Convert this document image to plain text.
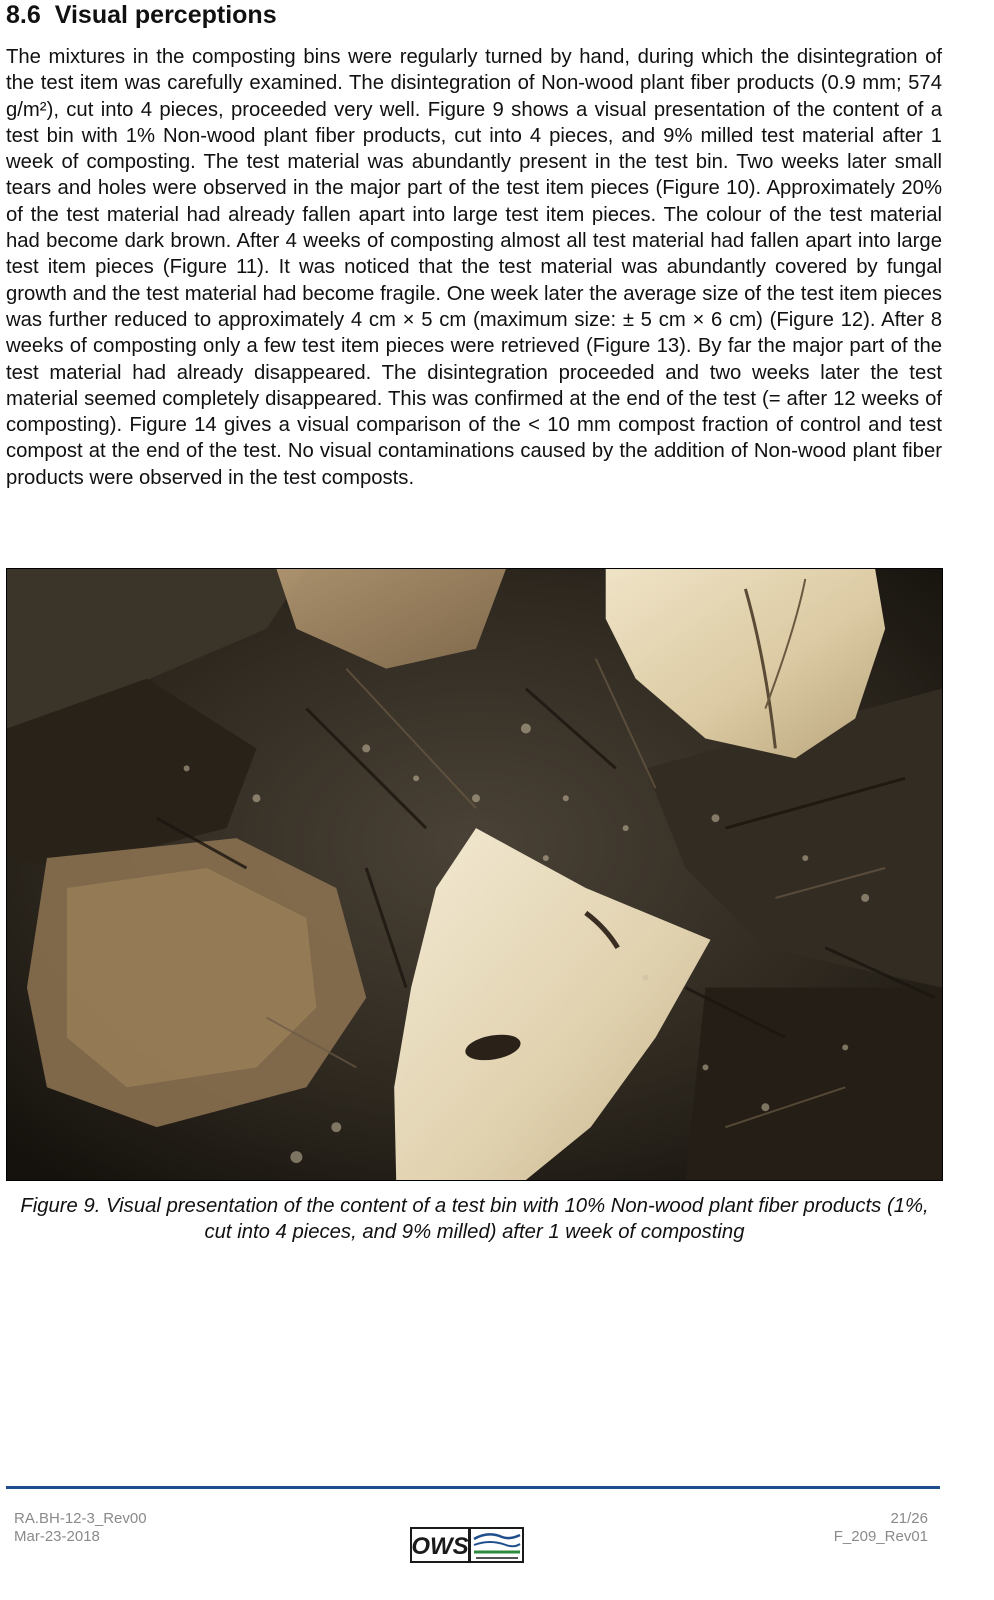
8.6 Visual perceptions

The mixtures in the composting bins were regularly turned by hand, during which the disintegration of the test item was carefully examined. The disintegration of Non-wood plant fiber products (0.9 mm; 574 g/m²), cut into 4 pieces, proceeded very well. Figure 9 shows a visual presentation of the content of a test bin with 1% Non-wood plant fiber products, cut into 4 pieces, and 9% milled test material after 1 week of composting. The test material was abundantly present in the test bin. Two weeks later small tears and holes were observed in the major part of the test item pieces (Figure 10). Approximately 20% of the test material had already fallen apart into large test item pieces. The colour of the test material had become dark brown. After 4 weeks of composting almost all test material had fallen apart into large test item pieces (Figure 11). It was noticed that the test material was abundantly covered by fungal growth and the test material had become fragile. One week later the average size of the test item pieces was further reduced to approximately 4 cm × 5 cm (maximum size: ± 5 cm × 6 cm) (Figure 12). After 8 weeks of composting only a few test item pieces were retrieved (Figure 13). By far the major part of the test material had already disappeared. The disintegration proceeded and two weeks later the test material seemed completely disappeared. This was confirmed at the end of the test (= after 12 weeks of composting). Figure 14 gives a visual comparison of the < 10 mm compost fraction of control and test compost at the end of the test. No visual contaminations caused by the addition of Non-wood plant fiber products were observed in the test composts.

Figure 9. Visual presentation of the content of a test bin with 10% Non-wood plant fiber products (1%, cut into 4 pieces, and 9% milled) after 1 week of composting

RA.BH-12-3_Rev00
Mar-23-2018
21/26
F_209_Rev01
OWS
